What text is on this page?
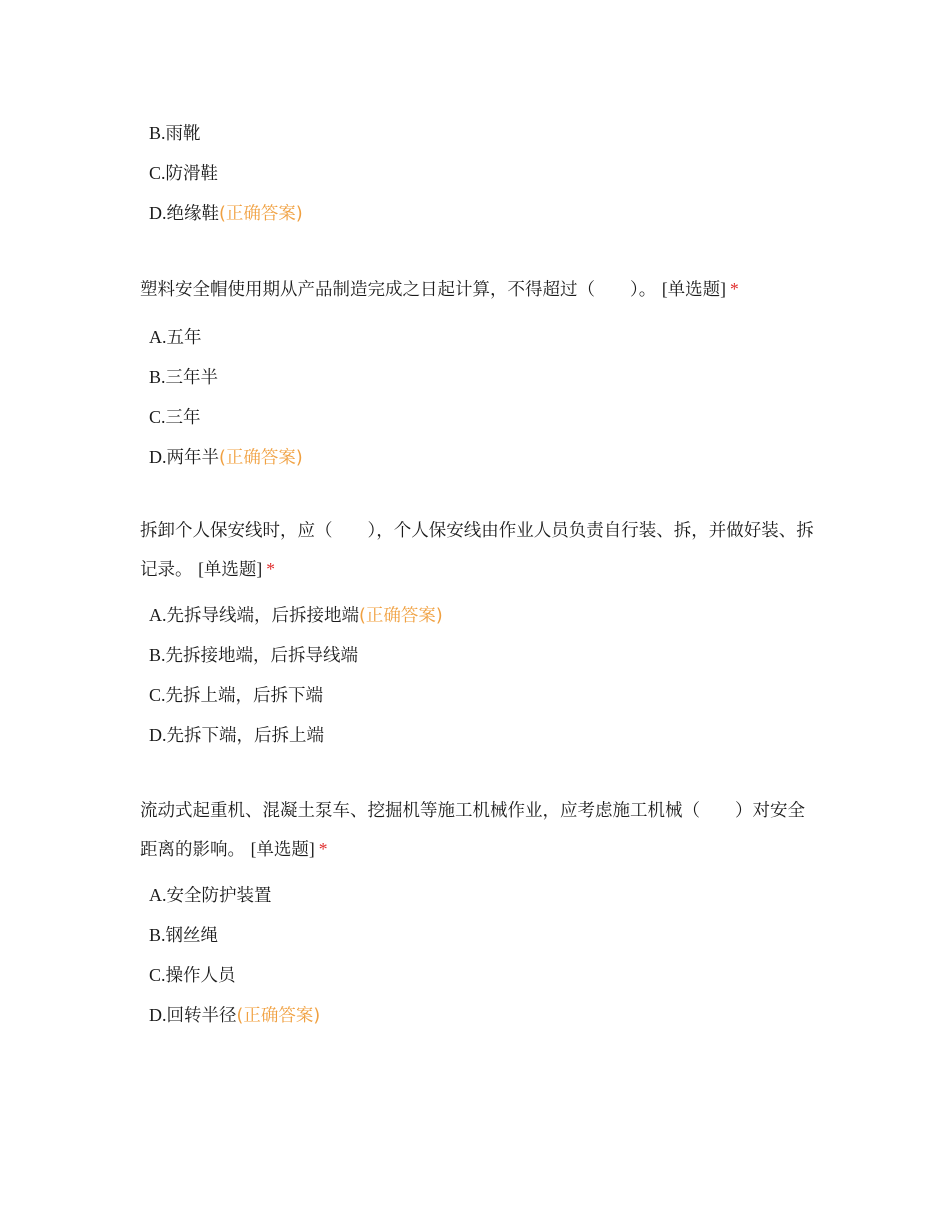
B.雨靴
C.防滑鞋
D.绝缘鞋(正确答案)

塑料安全帽使用期从产品制造完成之日起计算，不得超过（　　）。 [单选题] *

A.五年
B.三年半
C.三年
D.两年半(正确答案)

拆卸个人保安线时，应（　　），个人保安线由作业人员负责自行装、拆，并做好装、拆记录。 [单选题] *

A.先拆导线端，后拆接地端(正确答案)
B.先拆接地端，后拆导线端
C.先拆上端，后拆下端
D.先拆下端，后拆上端

流动式起重机、混凝土泵车、挖掘机等施工机械作业，应考虑施工机械（　　）对安全距离的影响。 [单选题] *

A.安全防护装置
B.钢丝绳
C.操作人员
D.回转半径(正确答案)
